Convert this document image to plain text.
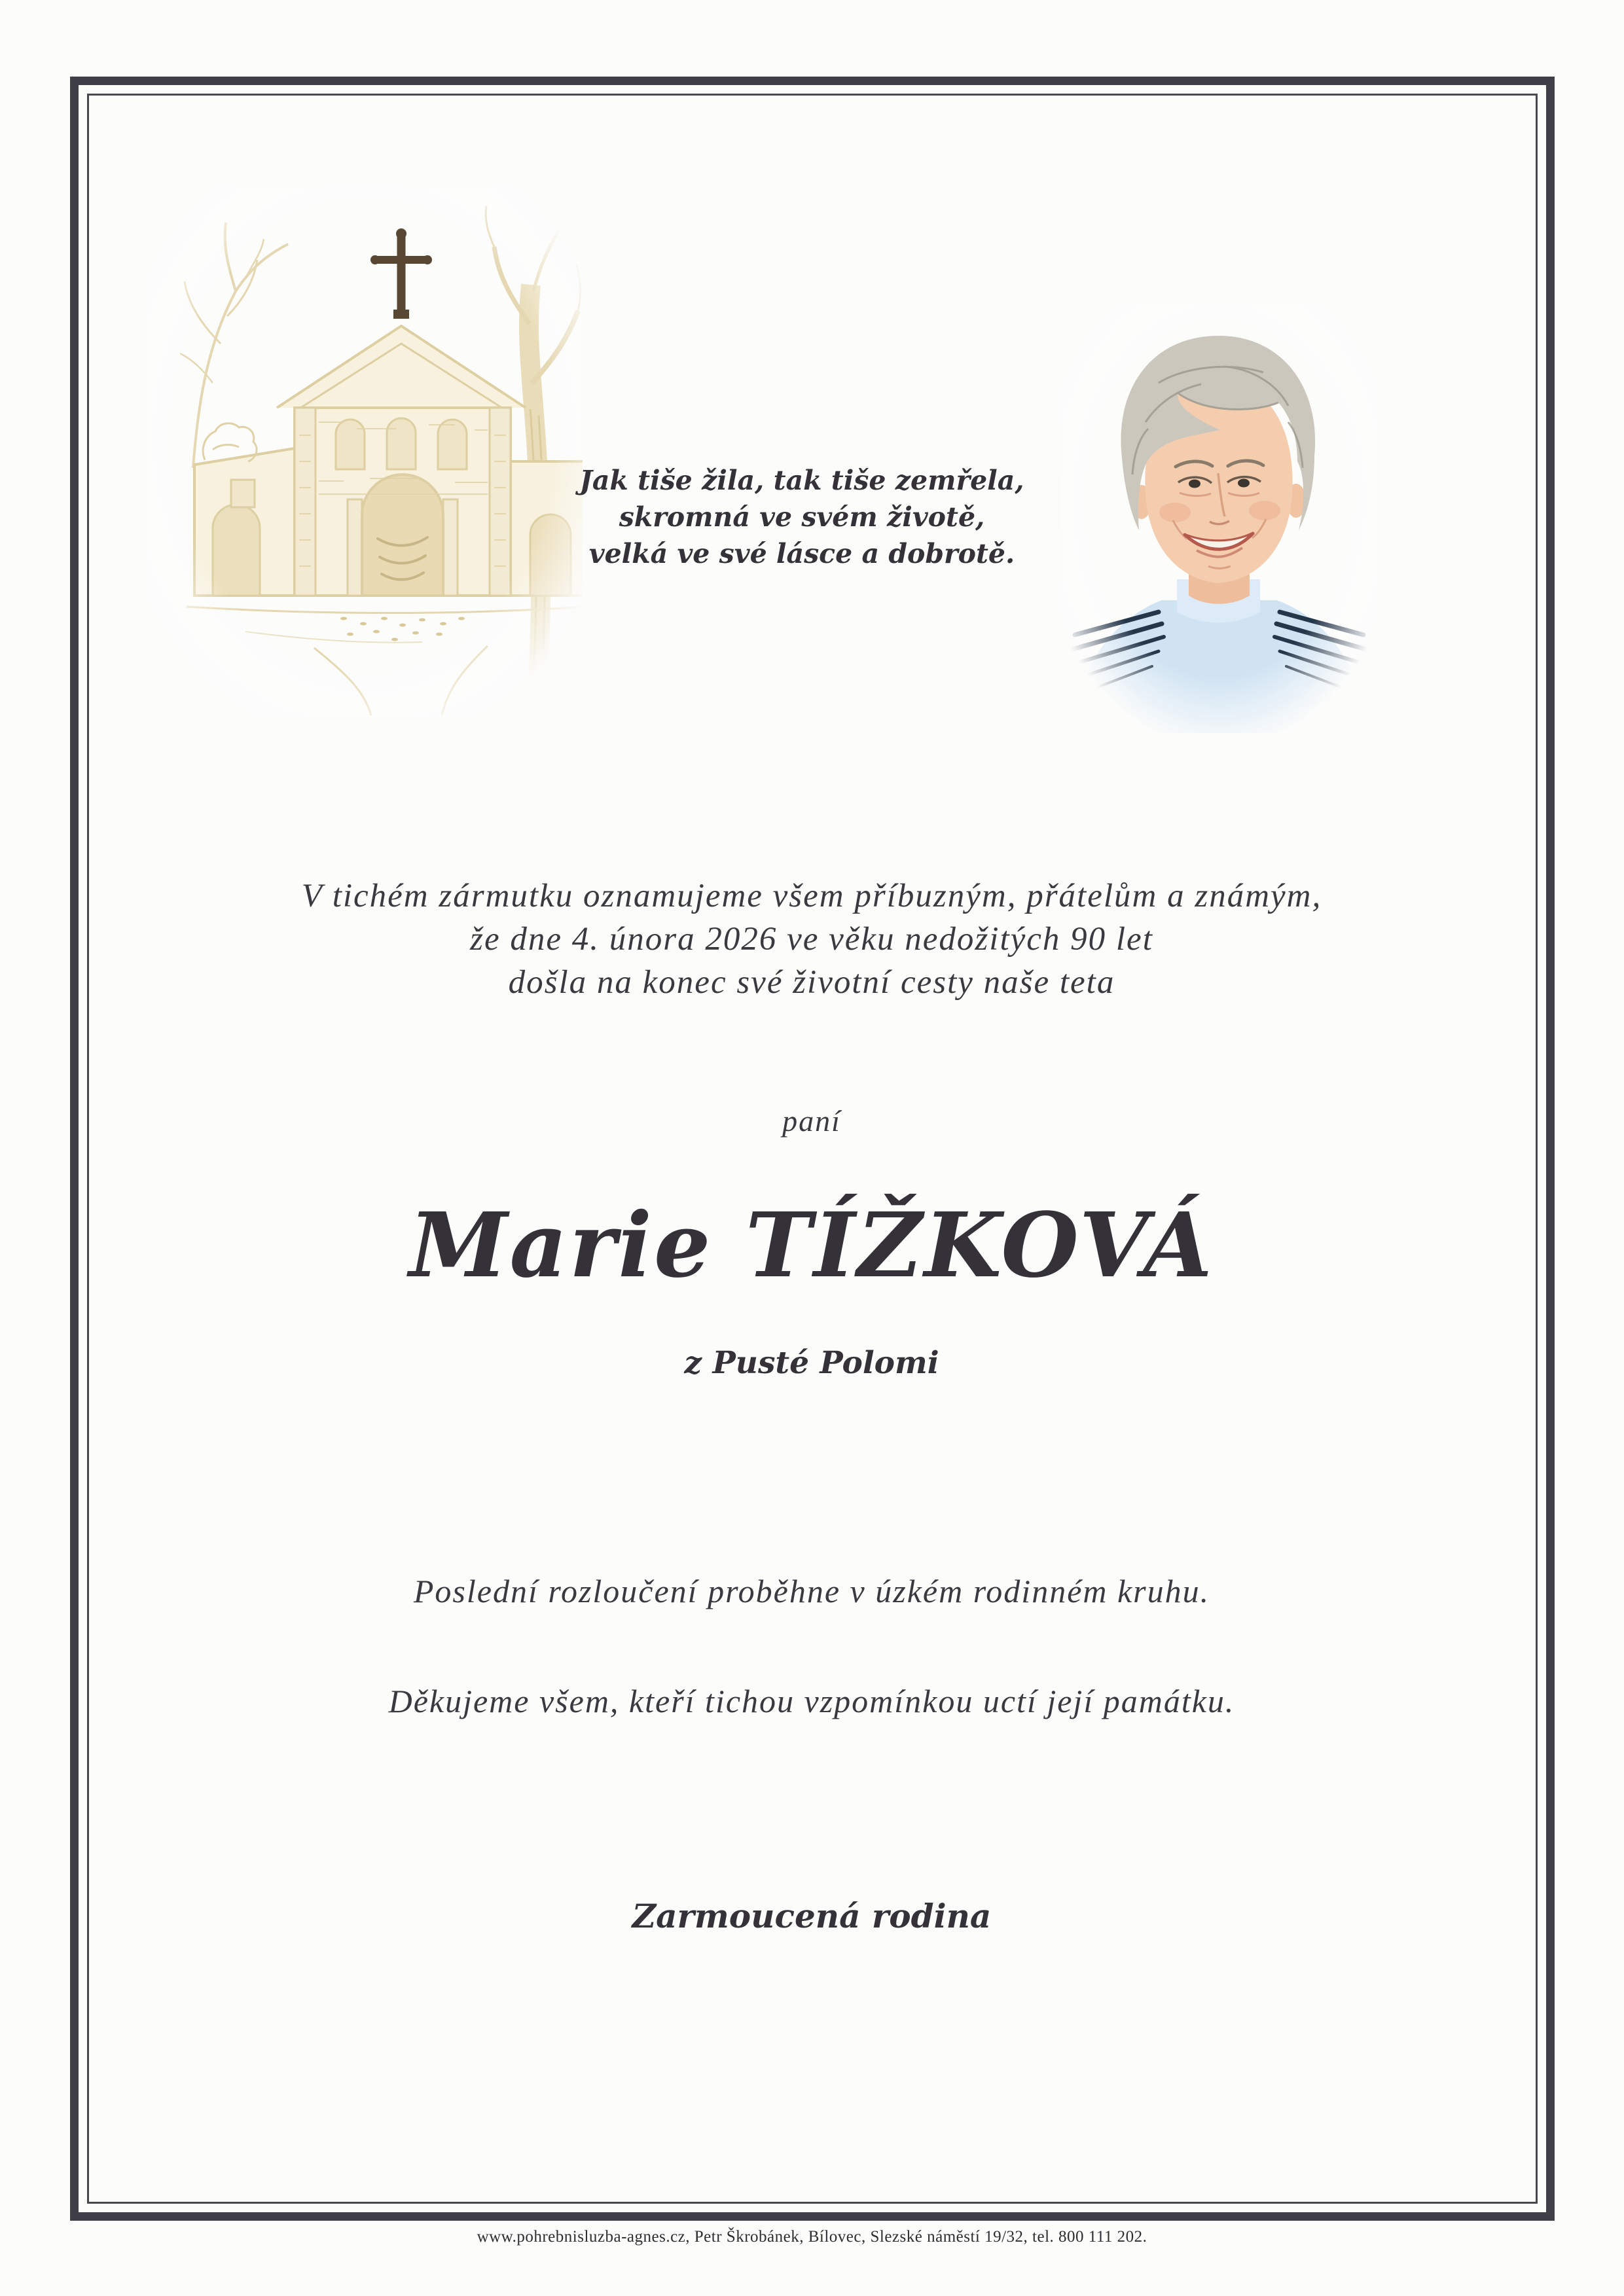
Jak tiše žila, tak tiše zemřela,
skromná ve svém životě,
velká ve své lásce a dobrotě.
V tichém zármutku oznamujeme všem příbuzným, přátelům a známým,
že dne 4. února 2026 ve věku nedožitých 90 let
došla na konec své životní cesty naše teta
paní
Marie TÍŽKOVÁ
z Pusté Polomi
Poslední rozloučení proběhne v úzkém rodinném kruhu.
Děkujeme všem, kteří tichou vzpomínkou uctí její památku.
Zarmoucená rodina
www.pohrebnisluzba-agnes.cz, Petr Škrobánek, Bílovec, Slezské náměstí 19/32, tel. 800 111 202.
